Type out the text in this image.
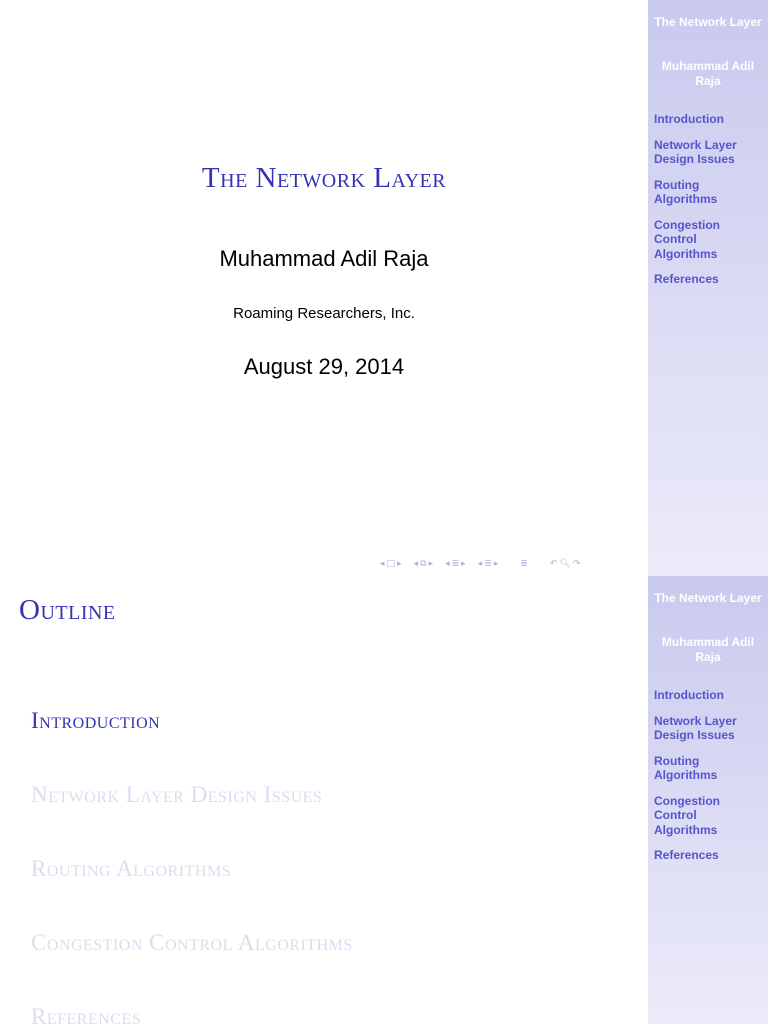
The Network Layer
Muhammad Adil Raja
Roaming Researchers, Inc.
August 29, 2014
◂ □ ▸ ◂ ⧉ ▸ ◂ ≣ ▸ ◂ ≣ ▸ ≣ ↶ 🔍︎ ↷
The Network Layer
Muhammad Adil Raja
Introduction
Network Layer
Design Issues
Routing
Algorithms
Congestion
Control
Algorithms
References
Outline
Introduction
Network Layer Design Issues
Routing Algorithms
Congestion Control Algorithms
References
The Network Layer
Muhammad Adil Raja
Introduction
Network Layer
Design Issues
Routing
Algorithms
Congestion
Control
Algorithms
References
